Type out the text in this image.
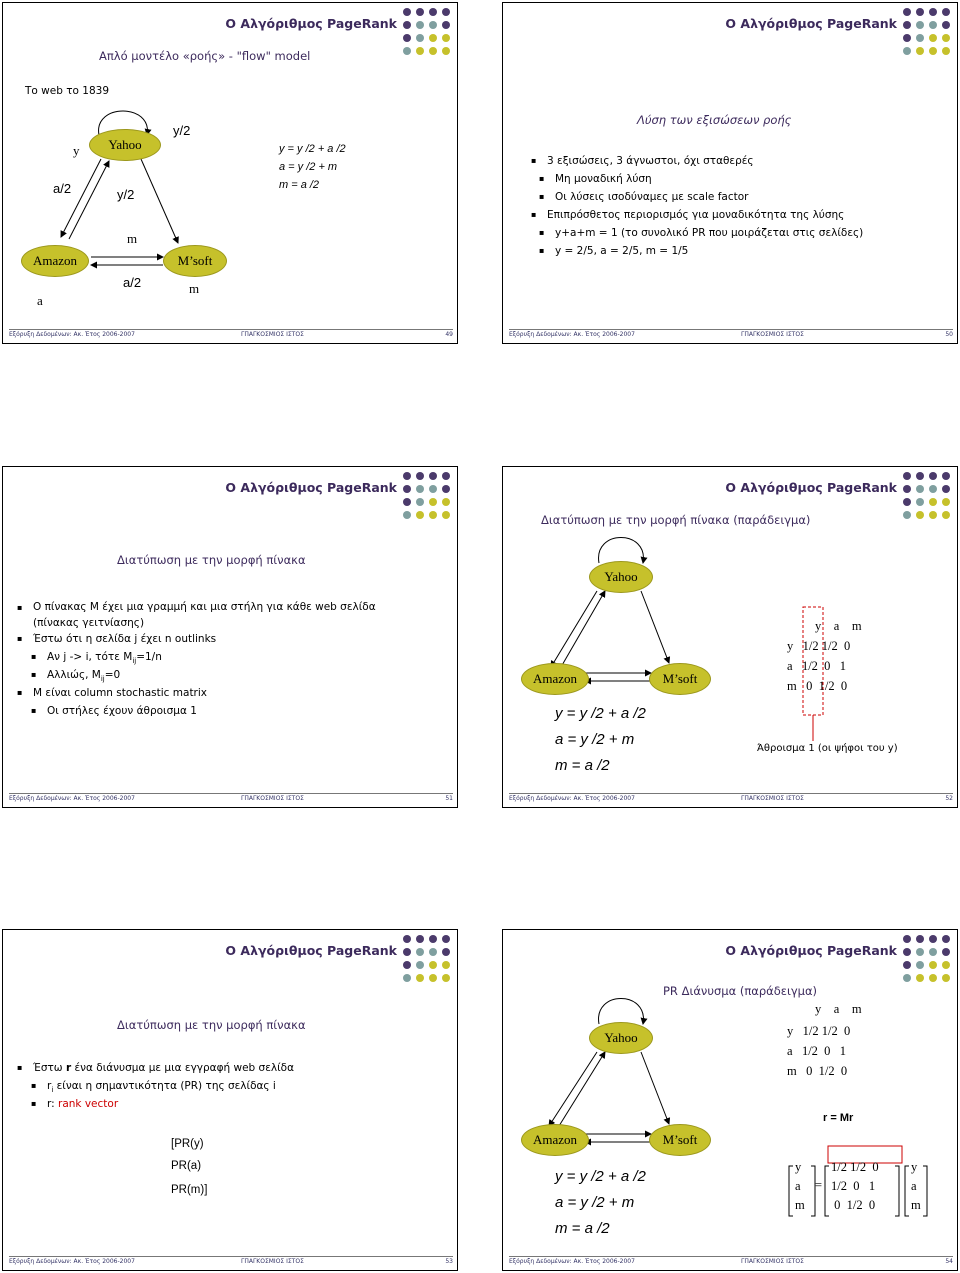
Ο Αλγόριθμος PageRank
Απλό μοντέλο «ροής» - "flow" model
Το web το 1839
Yahoo
Amazon	M’soft
y
y/2
a/2	y/2
m
a
a/2	m
y = y /2 + a /2
a = y /2 + m
m = a /2
Εξόρυξη Δεδομένων: Ακ. Έτος 2006-2007	ΓΠΑΓΚΟΣΜΙΟΣ ΙΣΤΟΣ	49
Ο Αλγόριθμος PageRank
Λύση των εξισώσεων ροής
▪ 3 εξισώσεις, 3 άγνωστοι, όχι σταθερές
▪ Μη μοναδική λύση
▪ Οι λύσεις ισοδύναμες με scale factor
▪ Επιπρόσθετος περιορισμός για μοναδικότητα της λύσης
▪ y+a+m = 1 (το συνολικό PR που μοιράζεται στις σελίδες)
▪ y = 2/5, a = 2/5, m = 1/5
Εξόρυξη Δεδομένων: Ακ. Έτος 2006-2007	ΓΠΑΓΚΟΣΜΙΟΣ ΙΣΤΟΣ	50
Ο Αλγόριθμος PageRank
Διατύπωση με την μορφή πίνακα
▪ Ο πίνακας M έχει μια γραμμή και μια στήλη για κάθε web σελίδα
(πίνακας γειτνίασης)
▪ Έστω ότι η σελίδα j έχει n outlinks
▪ Αν j -> i, τότε $M_{ij}=1/n$
▪ Αλλιώς, $M_{ij}=0$
▪ M είναι column stochastic matrix
▪ Οι στήλες έχουν άθροισμα 1
Εξόρυξη Δεδομένων: Ακ. Έτος 2006-2007	ΓΠΑΓΚΟΣΜΙΟΣ ΙΣΤΟΣ	51
Ο Αλγόριθμος PageRank
Διατύπωση με την μορφή πίνακα (παράδειγμα)
Yahoo
Amazon	M’soft
y = y /2 + a /2
a = y /2 + m
m = a /2
y a m
y 1/2 1/2 0
a 1/2 0 1
m 0 1/2 0
Άθροισμα 1 (οι ψήφοι του y)
Εξόρυξη Δεδομένων: Ακ. Έτος 2006-2007	ΓΠΑΓΚΟΣΜΙΟΣ ΙΣΤΟΣ	52
Ο Αλγόριθμος PageRank
Διατύπωση με την μορφή πίνακα
▪ Έστω r ένα διάνυσμα με μια εγγραφή web σελίδα
▪ $r_i$ είναι η σημαντικότητα (PR) της σελίδας i
▪ r: rank vector
[PR(y)
PR(a)
PR(m)]
Εξόρυξη Δεδομένων: Ακ. Έτος 2006-2007	ΓΠΑΓΚΟΣΜΙΟΣ ΙΣΤΟΣ	53
Ο Αλγόριθμος PageRank
PR Διάνυσμα (παράδειγμα)
Yahoo
Amazon	M’soft
y = y /2 + a /2
a = y /2 + m
m = a /2
y a m
y 1/2 1/2 0
a 1/2 0 1
m 0 1/2 0
r = Mr
y
a
m
=
1/2 1/2 0
1/2 0 1
0 1/2 0
y
a
m
Εξόρυξη Δεδομένων: Ακ. Έτος 2006-2007	ΓΠΑΓΚΟΣΜΙΟΣ ΙΣΤΟΣ	54
